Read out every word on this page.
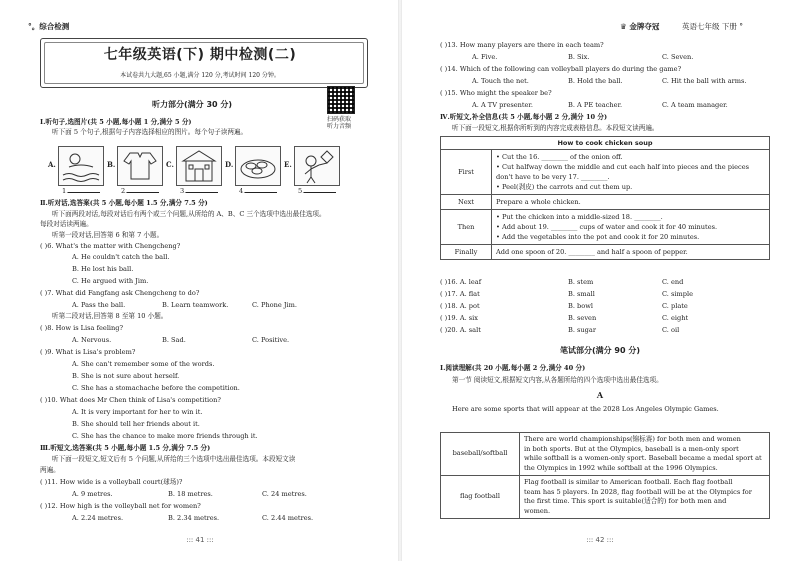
°。综合检测
七年级英语(下) 期中检测(二)
本试卷共九大题,65 小题,满分 120 分,考试时间 120 分钟。
扫码获取
听力音频
听力部分(满分 30 分)
Ⅰ.听句子,选图片(共 5 小题,每小题 1 分,满分 5 分)
听下面 5 个句子,根据句子内容选择相应的图片。每个句子读两遍。
A.	B.	C.	D.	E.
1.	2.	3.	4.	5.
Ⅱ.听对话,选答案(共 5 小题,每小题 1.5 分,满分 7.5 分)
听下面两段对话,每段对话后有两个或三个问题,从所给的 A、B、C 三个选项中选出最佳选项。
每段对话读两遍。
听第一段对话,回答第 6 和第 7 小题。
( )6. What's the matter with Chengcheng?
A. He couldn't catch the ball.
B. He lost his ball.
C. He argued with Jim.
( )7. What did Fangfang ask Chengcheng to do?
A. Pass the ball.	B. Learn teamwork.	C. Phone Jim.
听第二段对话,回答第 8 至第 10 小题。
( )8. How is Lisa feeling?
A. Nervous.	B. Sad.	C. Positive.
( )9. What is Lisa's problem?
A. She can't remember some of the words.
B. She is not sure about herself.
C. She has a stomachache before the competition.
( )10. What does Mr Chen think of Lisa's competition?
A. It is very important for her to win it.
B. She should tell her friends about it.
C. She has the chance to make more friends through it.
Ⅲ.听短文,选答案(共 5 小题,每小题 1.5 分,满分 7.5 分)
听下面一段短文,短文后有 5 个问题,从所给的三个选项中选出最佳选项。本段短文读
两遍。
( )11. How wide is a volleyball court(球场)?
A. 9 metres.	B. 18 metres.	C. 24 metres.
( )12. How high is the volleyball net for women?
A. 2.24 metres.	B. 2.34 metres.	C. 2.44 metres.
::: 41 :::
♛ 金牌夺冠	英语七年级 下册 °
( )13. How many players are there in each team?
A. Five.	B. Six.	C. Seven.
( )14. Which of the following can volleyball players do during the game?
A. Touch the net.	B. Hold the ball.	C. Hit the ball with arms.
( )15. Who might the speaker be?
A. A TV presenter.	B. A PE teacher.	C. A team manager.
Ⅳ.听短文,补全信息(共 5 小题,每小题 2 分,满分 10 分)
听下面一段短文,根据你所听到的内容完成表格信息。本段短文读两遍。
How to cook chicken soup	
First	• Cut the 16. ________ of the onion off.
• Cut halfway down the middle and cut each half into pieces and the pieces
don't have to be very 17. ________.
• Peel(剥皮) the carrots and cut them up.

Next	Prepare a whole chicken.

Then	• Put the chicken into a middle-sized 18. ________.
• Add about 19. ________ cups of water and cook it for 40 minutes.
• Add the vegetables into the pot and cook it for 20 minutes.

Finally	Add one spoon of 20. ________ and half a spoon of pepper.
( )16. A. leaf	B. stem	C. end
( )17. A. flat	B. small	C. simple
( )18. A. pot	B. bowl	C. plate
( )19. A. six	B. seven	C. eight
( )20. A. salt	B. sugar	C. oil
笔试部分(满分 90 分)
Ⅰ.阅读理解(共 20 小题,每小题 2 分,满分 40 分)
第一节 阅读短文,根据短文内容,从各题所给的四个选项中选出最佳选项。
A
Here are some sports that will appear at the 2028 Los Angeles Olympic Games.
baseball/softball	There are world championships(锦标赛) for both men and women
in both sports. But at the Olympics, baseball is a men-only sport
while softball is a women-only sport. Baseball became a medal sport at
the Olympics in 1992 while softball at the 1996 Olympics.

flag football	Flag football is similar to American football. Each flag football
team has 5 players. In 2028, flag football will be at the Olympics for
the first time. This sport is suitable(适合的) for both men and
women.
::: 42 :::
